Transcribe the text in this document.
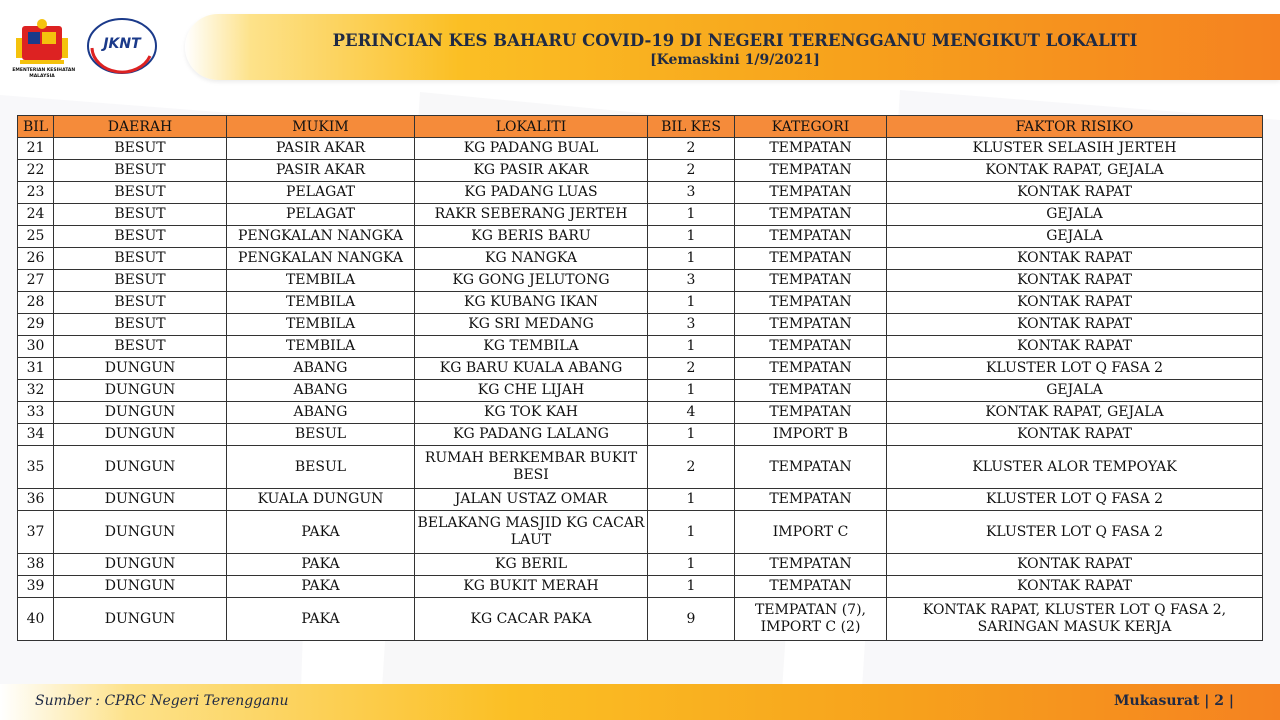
KEMENTERIAN KESIHATAN
MALAYSIA
JKNT	PERINCIAN KES BAHARU COVID-19 DI NEGERI TERENGGANU MENGIKUT LOKALITI
[Kemaskini 1/9/2021]
BIL	DAERAH	MUKIM	LOKALITI	BIL KES	KATEGORI	FAKTOR RISIKO
21	BESUT	PASIR AKAR	KG PADANG BUAL	2	TEMPATAN	KLUSTER SELASIH JERTEH
22	BESUT	PASIR AKAR	KG PASIR AKAR	2	TEMPATAN	KONTAK RAPAT, GEJALA
23	BESUT	PELAGAT	KG PADANG LUAS	3	TEMPATAN	KONTAK RAPAT
24	BESUT	PELAGAT	RAKR SEBERANG JERTEH	1	TEMPATAN	GEJALA
25	BESUT	PENGKALAN NANGKA	KG BERIS BARU	1	TEMPATAN	GEJALA
26	BESUT	PENGKALAN NANGKA	KG NANGKA	1	TEMPATAN	KONTAK RAPAT
27	BESUT	TEMBILA	KG GONG JELUTONG	3	TEMPATAN	KONTAK RAPAT
28	BESUT	TEMBILA	KG KUBANG IKAN	1	TEMPATAN	KONTAK RAPAT
29	BESUT	TEMBILA	KG SRI MEDANG	3	TEMPATAN	KONTAK RAPAT
30	BESUT	TEMBILA	KG TEMBILA	1	TEMPATAN	KONTAK RAPAT
31	DUNGUN	ABANG	KG BARU KUALA ABANG	2	TEMPATAN	KLUSTER LOT Q FASA 2
32	DUNGUN	ABANG	KG CHE LIJAH	1	TEMPATAN	GEJALA
33	DUNGUN	ABANG	KG TOK KAH	4	TEMPATAN	KONTAK RAPAT, GEJALA
34	DUNGUN	BESUL	KG PADANG LALANG	1	IMPORT B	KONTAK RAPAT
35	DUNGUN	BESUL	RUMAH BERKEMBAR BUKIT BESI	2	TEMPATAN	KLUSTER ALOR TEMPOYAK
36	DUNGUN	KUALA DUNGUN	JALAN USTAZ OMAR	1	TEMPATAN	KLUSTER LOT Q FASA 2
37	DUNGUN	PAKA	BELAKANG MASJID KG CACAR LAUT	1	IMPORT C	KLUSTER LOT Q FASA 2
38	DUNGUN	PAKA	KG BERIL	1	TEMPATAN	KONTAK RAPAT
39	DUNGUN	PAKA	KG BUKIT MERAH	1	TEMPATAN	KONTAK RAPAT
40	DUNGUN	PAKA	KG CACAR PAKA	9	TEMPATAN (7), IMPORT C (2)	KONTAK RAPAT, KLUSTER LOT Q FASA 2, SARINGAN MASUK KERJA
Sumber : CPRC Negeri Terengganu	Mukasurat | 2 |
